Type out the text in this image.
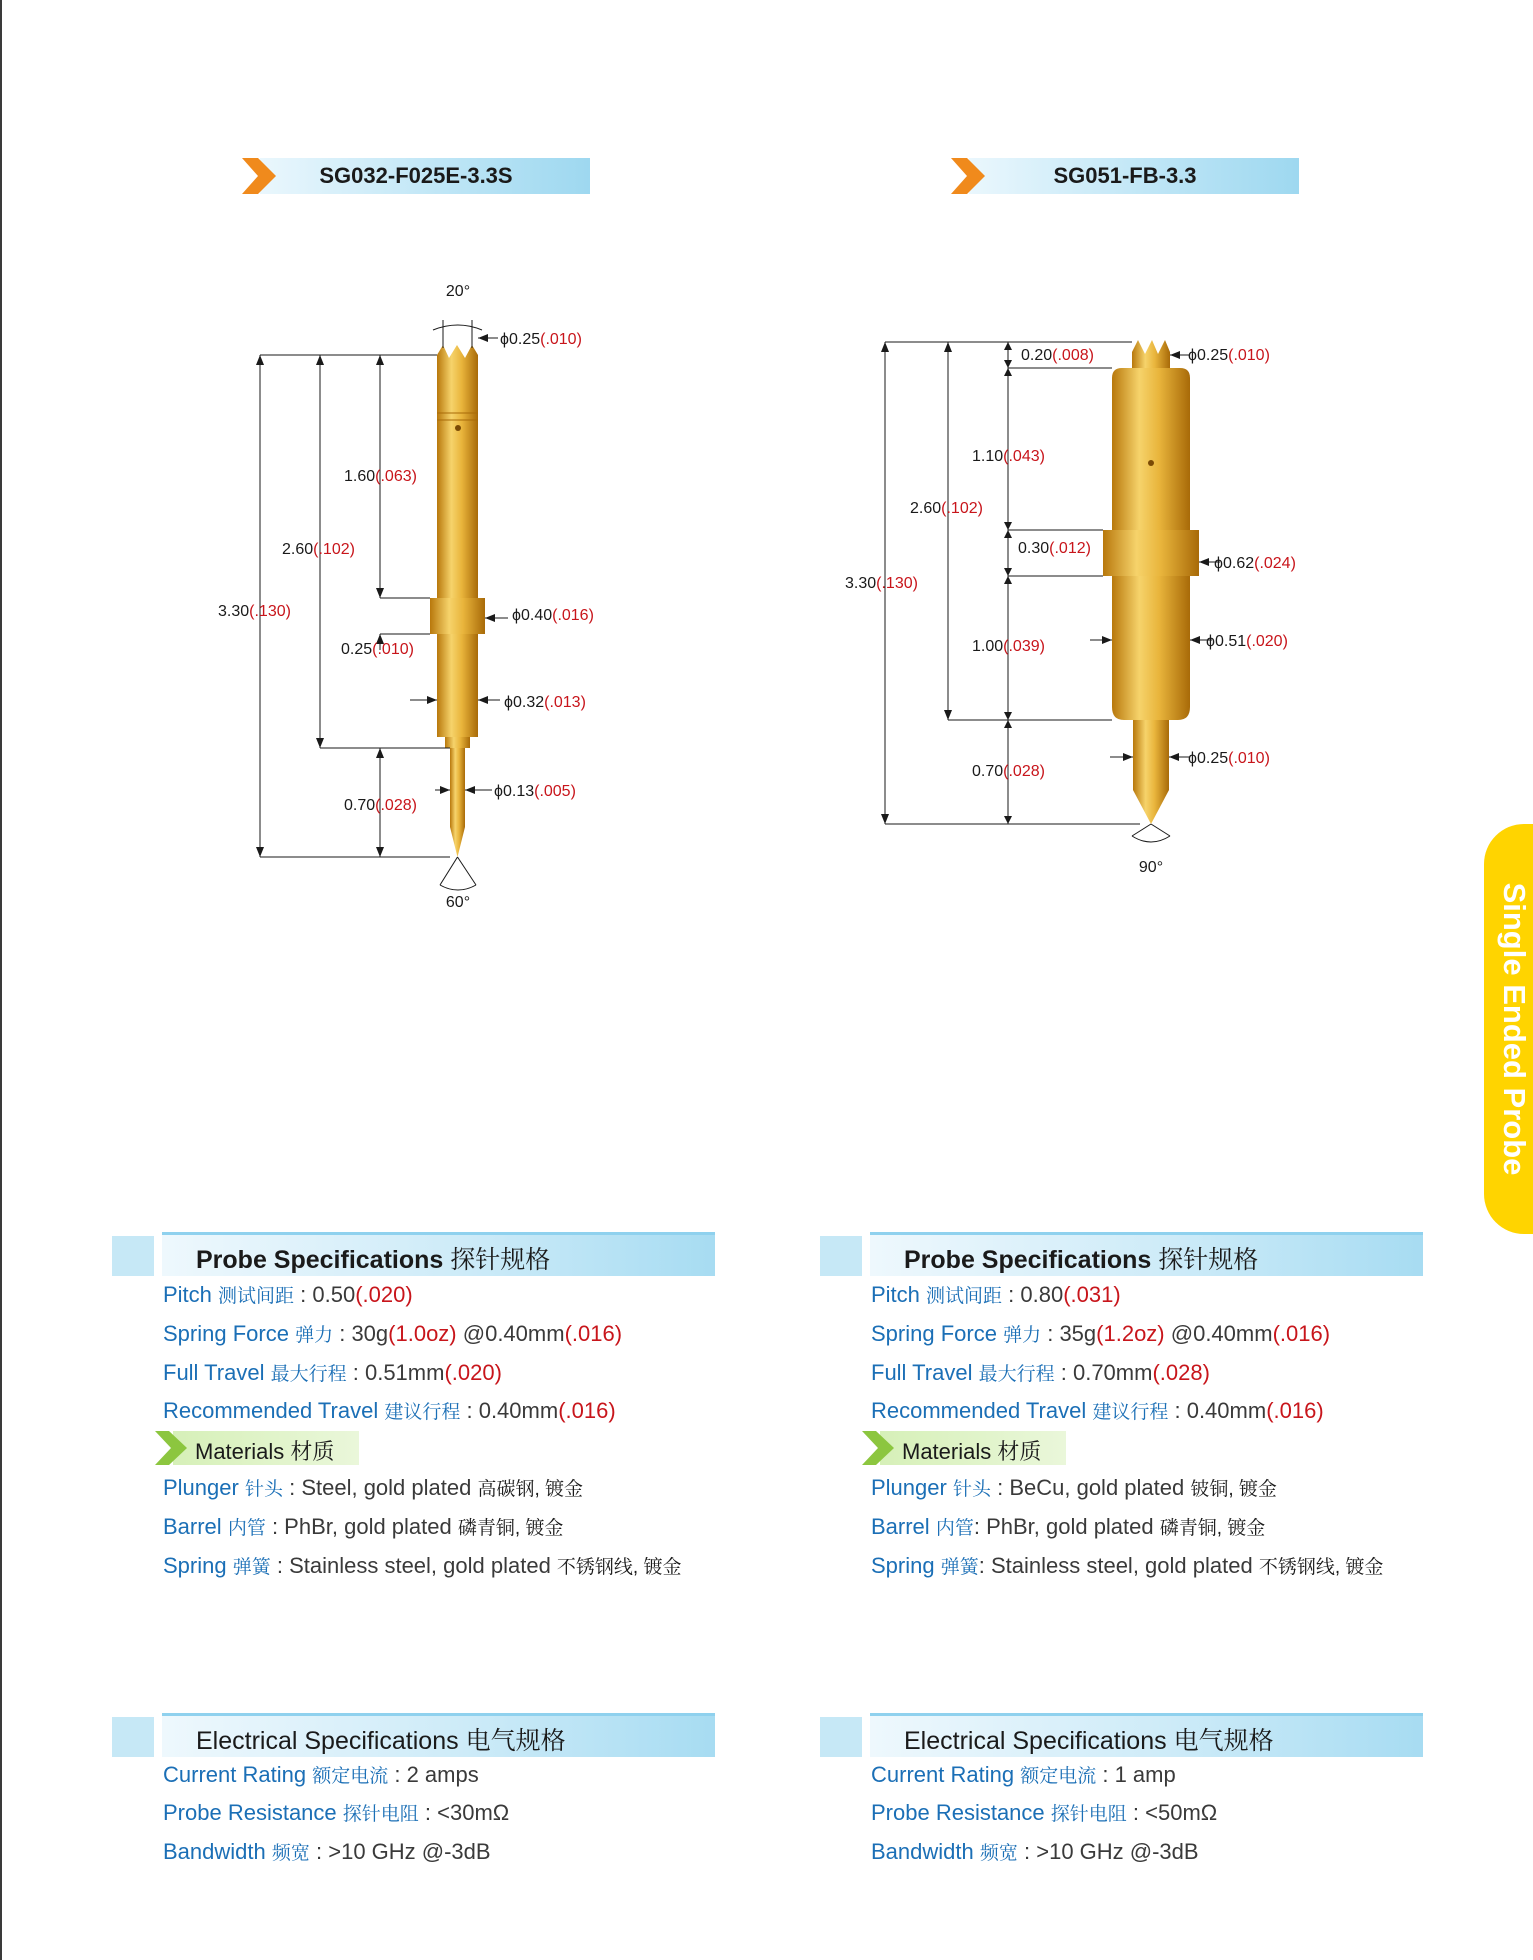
SG032-F025E-3.3S	SG051-FB-3.3
20°
60°
3.30(.130)
2.60(.102)
1.60(.063)
0.25(.010)
0.70(.028)
ϕ0.25(.010)
ϕ0.40(.016)
ϕ0.32(.013)
ϕ0.13(.005)
90°
3.30(.130)
2.60(.102)
0.20(.008)
1.10(.043)
0.30(.012)
1.00(.039)
0.70(.028)
ϕ0.25(.010)
ϕ0.62(.024)
ϕ0.51(.020)
ϕ0.25(.010)
Single Ended Probe
Probe Specifications 探针规格
Pitch 测试间距 : 0.50(.020)
Spring Force 弹力 : 30g(1.0oz) @0.40mm(.016)
Full Travel 最大行程 : 0.51mm(.020)
Recommended Travel 建议行程 : 0.40mm(.016)
Materials 材质
Plunger 针头 : Steel, gold plated 高碳钢, 镀金
Barrel 内管 : PhBr, gold plated 磷青铜, 镀金
Spring 弹簧 : Stainless steel, gold plated 不锈钢线, 镀金
Electrical Specifications 电气规格
Current Rating 额定电流 : 2 amps
Probe Resistance 探针电阻 : <30mΩ
Bandwidth 频宽 : >10 GHz @-3dB
Probe Specifications 探针规格
Pitch 测试间距 : 0.80(.031)
Spring Force 弹力 : 35g(1.2oz) @0.40mm(.016)
Full Travel 最大行程 : 0.70mm(.028)
Recommended Travel 建议行程 : 0.40mm(.016)
Materials 材质
Plunger 针头 : BeCu, gold plated 铍铜, 镀金
Barrel 内管: PhBr, gold plated 磷青铜, 镀金
Spring 弹簧: Stainless steel, gold plated 不锈钢线, 镀金
Electrical Specifications 电气规格
Current Rating 额定电流 : 1 amp
Probe Resistance 探针电阻 : <50mΩ
Bandwidth 频宽 : >10 GHz @-3dB
